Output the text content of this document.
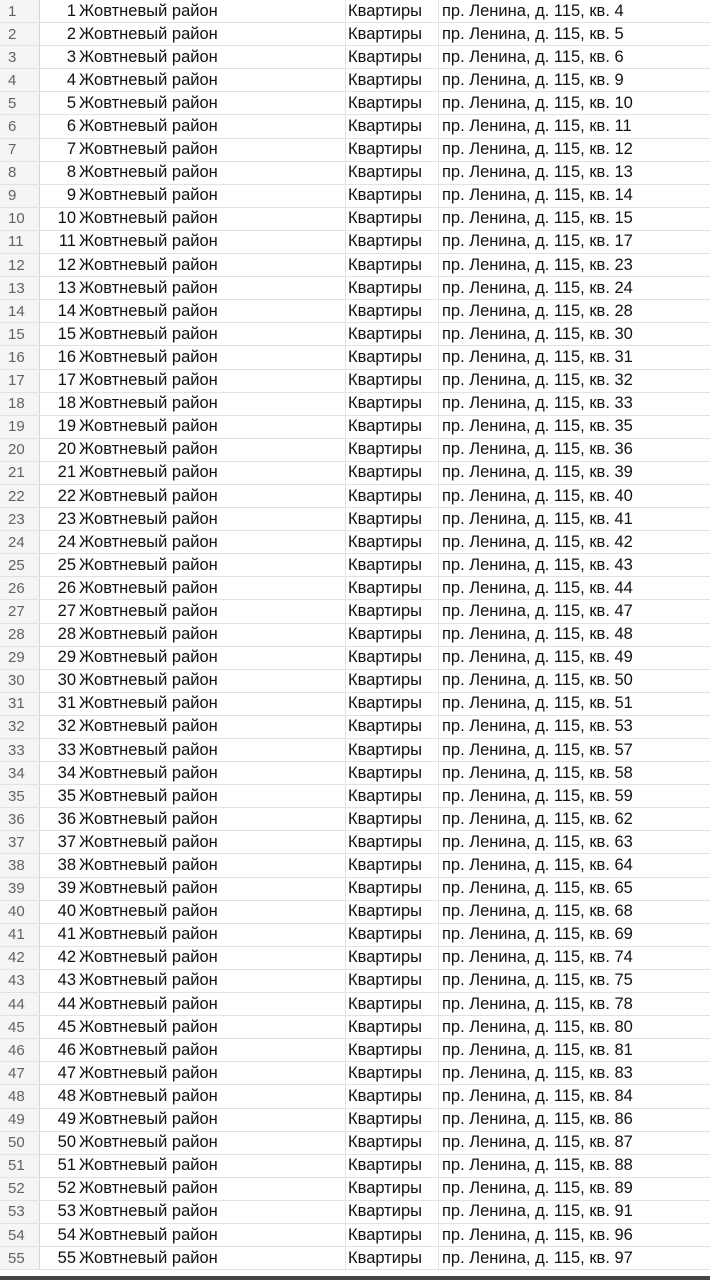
1	1 Жовтневый район	Квартиры	пр. Ленина, д. 115, кв. 4
2	2 Жовтневый район	Квартиры	пр. Ленина, д. 115, кв. 5
3	3 Жовтневый район	Квартиры	пр. Ленина, д. 115, кв. 6
4	4 Жовтневый район	Квартиры	пр. Ленина, д. 115, кв. 9
5	5 Жовтневый район	Квартиры	пр. Ленина, д. 115, кв. 10
6	6 Жовтневый район	Квартиры	пр. Ленина, д. 115, кв. 11
7	7 Жовтневый район	Квартиры	пр. Ленина, д. 115, кв. 12
8	8 Жовтневый район	Квартиры	пр. Ленина, д. 115, кв. 13
9	9 Жовтневый район	Квартиры	пр. Ленина, д. 115, кв. 14
10	10 Жовтневый район	Квартиры	пр. Ленина, д. 115, кв. 15
11	11 Жовтневый район	Квартиры	пр. Ленина, д. 115, кв. 17
12	12 Жовтневый район	Квартиры	пр. Ленина, д. 115, кв. 23
13	13 Жовтневый район	Квартиры	пр. Ленина, д. 115, кв. 24
14	14 Жовтневый район	Квартиры	пр. Ленина, д. 115, кв. 28
15	15 Жовтневый район	Квартиры	пр. Ленина, д. 115, кв. 30
16	16 Жовтневый район	Квартиры	пр. Ленина, д. 115, кв. 31
17	17 Жовтневый район	Квартиры	пр. Ленина, д. 115, кв. 32
18	18 Жовтневый район	Квартиры	пр. Ленина, д. 115, кв. 33
19	19 Жовтневый район	Квартиры	пр. Ленина, д. 115, кв. 35
20	20 Жовтневый район	Квартиры	пр. Ленина, д. 115, кв. 36
21	21 Жовтневый район	Квартиры	пр. Ленина, д. 115, кв. 39
22	22 Жовтневый район	Квартиры	пр. Ленина, д. 115, кв. 40
23	23 Жовтневый район	Квартиры	пр. Ленина, д. 115, кв. 41
24	24 Жовтневый район	Квартиры	пр. Ленина, д. 115, кв. 42
25	25 Жовтневый район	Квартиры	пр. Ленина, д. 115, кв. 43
26	26 Жовтневый район	Квартиры	пр. Ленина, д. 115, кв. 44
27	27 Жовтневый район	Квартиры	пр. Ленина, д. 115, кв. 47
28	28 Жовтневый район	Квартиры	пр. Ленина, д. 115, кв. 48
29	29 Жовтневый район	Квартиры	пр. Ленина, д. 115, кв. 49
30	30 Жовтневый район	Квартиры	пр. Ленина, д. 115, кв. 50
31	31 Жовтневый район	Квартиры	пр. Ленина, д. 115, кв. 51
32	32 Жовтневый район	Квартиры	пр. Ленина, д. 115, кв. 53
33	33 Жовтневый район	Квартиры	пр. Ленина, д. 115, кв. 57
34	34 Жовтневый район	Квартиры	пр. Ленина, д. 115, кв. 58
35	35 Жовтневый район	Квартиры	пр. Ленина, д. 115, кв. 59
36	36 Жовтневый район	Квартиры	пр. Ленина, д. 115, кв. 62
37	37 Жовтневый район	Квартиры	пр. Ленина, д. 115, кв. 63
38	38 Жовтневый район	Квартиры	пр. Ленина, д. 115, кв. 64
39	39 Жовтневый район	Квартиры	пр. Ленина, д. 115, кв. 65
40	40 Жовтневый район	Квартиры	пр. Ленина, д. 115, кв. 68
41	41 Жовтневый район	Квартиры	пр. Ленина, д. 115, кв. 69
42	42 Жовтневый район	Квартиры	пр. Ленина, д. 115, кв. 74
43	43 Жовтневый район	Квартиры	пр. Ленина, д. 115, кв. 75
44	44 Жовтневый район	Квартиры	пр. Ленина, д. 115, кв. 78
45	45 Жовтневый район	Квартиры	пр. Ленина, д. 115, кв. 80
46	46 Жовтневый район	Квартиры	пр. Ленина, д. 115, кв. 81
47	47 Жовтневый район	Квартиры	пр. Ленина, д. 115, кв. 83
48	48 Жовтневый район	Квартиры	пр. Ленина, д. 115, кв. 84
49	49 Жовтневый район	Квартиры	пр. Ленина, д. 115, кв. 86
50	50 Жовтневый район	Квартиры	пр. Ленина, д. 115, кв. 87
51	51 Жовтневый район	Квартиры	пр. Ленина, д. 115, кв. 88
52	52 Жовтневый район	Квартиры	пр. Ленина, д. 115, кв. 89
53	53 Жовтневый район	Квартиры	пр. Ленина, д. 115, кв. 91
54	54 Жовтневый район	Квартиры	пр. Ленина, д. 115, кв. 96
55	55 Жовтневый район	Квартиры	пр. Ленина, д. 115, кв. 97
